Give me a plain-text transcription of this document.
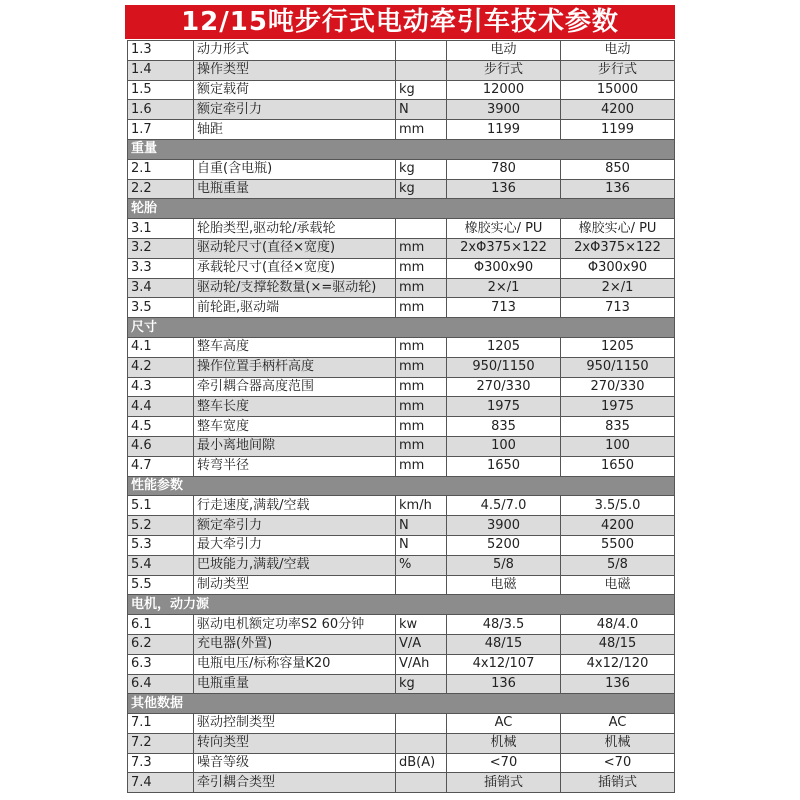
12/15吨步行式电动牵引车技术参数
1.3	动力形式		电动	电动
1.4	操作类型		步行式	步行式
1.5	额定载荷	kg	12000	15000
1.6	额定牵引力	N	3900	4200
1.7	轴距	mm	1199	1199
重量				
2.1	自重(含电瓶)	kg	780	850
2.2	电瓶重量	kg	136	136
轮胎				
3.1	轮胎类型,驱动轮/承载轮		橡胶实心/ PU	橡胶实心/ PU
3.2	驱动轮尺寸(直径×宽度)	mm	2xΦ375×122	2xΦ375×122
3.3	承载轮尺寸(直径×宽度)	mm	Φ300x90	Φ300x90
3.4	驱动轮/支撑轮数量(×=驱动轮)	mm	2×/1	2×/1
3.5	前轮距,驱动端	mm	713	713
尺寸				
4.1	整车高度	mm	1205	1205
4.2	操作位置手柄杆高度	mm	950/1150	950/1150
4.3	牵引耦合器高度范围	mm	270/330	270/330
4.4	整车长度	mm	1975	1975
4.5	整车宽度	mm	835	835
4.6	最小离地间隙	mm	100	100
4.7	转弯半径	mm	1650	1650
性能参数				
5.1	行走速度,满载/空载	km/h	4.5/7.0	3.5/5.0
5.2	额定牵引力	N	3900	4200
5.3	最大牵引力	N	5200	5500
5.4	巴坡能力,满载/空载	%	5/8	5/8
5.5	制动类型		电磁	电磁
电机，动力源				
6.1	驱动电机额定功率S2 60分钟	kw	48/3.5	48/4.0
6.2	充电器(外置)	V/A	48/15	48/15
6.3	电瓶电压/标称容量K20	V/Ah	4x12/107	4x12/120
6.4	电瓶重量	kg	136	136
其他数据				
7.1	驱动控制类型		AC	AC
7.2	转向类型		机械	机械
7.3	噪音等级	dB(A)	<70	<70
7.4	牵引耦合类型		插销式	插销式
